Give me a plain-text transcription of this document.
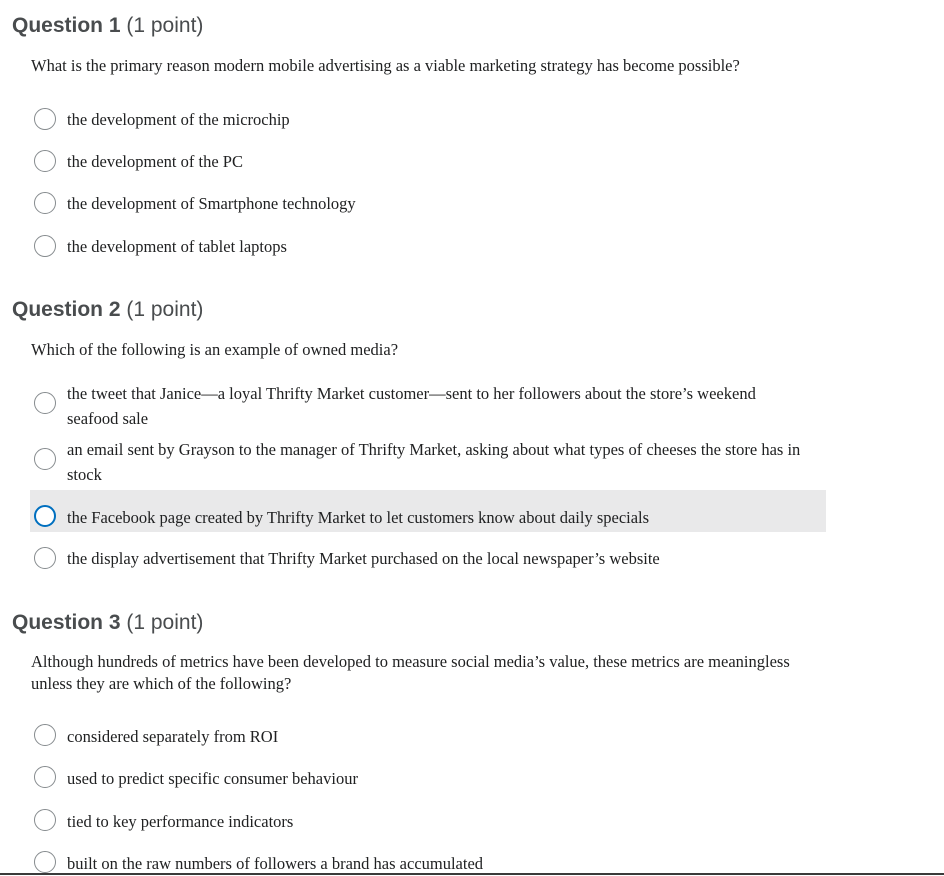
Question 1 (1 point)
What is the primary reason modern mobile advertising as a viable marketing strategy has become possible?
the development of the microchip
the development of the PC
the development of Smartphone technology
the development of tablet laptops
Question 2 (1 point)
Which of the following is an example of owned media?
the tweet that Janice—a loyal Thrifty Market customer—sent to her followers about the store’s weekend seafood sale
an email sent by Grayson to the manager of Thrifty Market, asking about what types of cheeses the store has in stock
the Facebook page created by Thrifty Market to let customers know about daily specials
the display advertisement that Thrifty Market purchased on the local newspaper’s website
Question 3 (1 point)
Although hundreds of metrics have been developed to measure social media’s value, these metrics are meaningless unless they are which of the following?
considered separately from ROI
used to predict specific consumer behaviour
tied to key performance indicators
built on the raw numbers of followers a brand has accumulated
